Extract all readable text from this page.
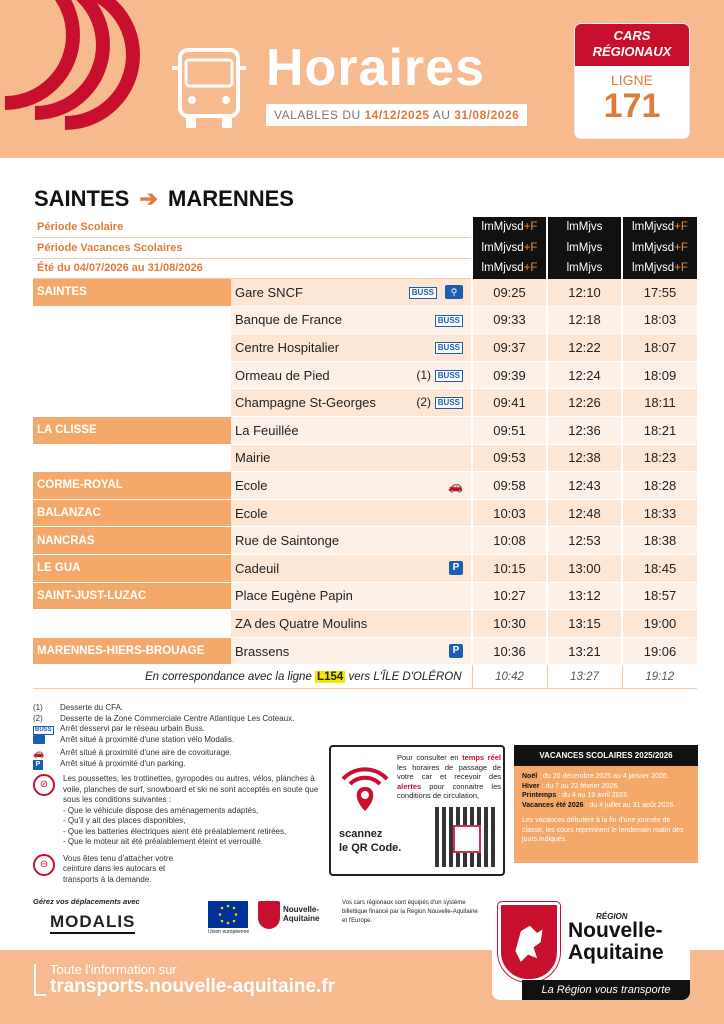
Horaires
VALABLES DU 14/12/2025 AU 31/08/2026
CARS
RÉGIONAUX
LIGNE
171
SAINTES ➔ MARENNES
Période Scolaire		lmMjvsd+F	lmMjvs	lmMjvsd+F
Période Vacances Scolaires		lmMjvsd+F	lmMjvs	lmMjvsd+F
Été du 04/07/2026 au 31/08/2026		lmMjvsd+F	lmMjvs	lmMjvsd+F
SAINTES	Gare SNCF BUSS ⚲	09:25	12:10	17:55
	Banque de France BUSS	09:33	12:18	18:03
	Centre Hospitalier BUSS	09:37	12:22	18:07
	Ormeau de Pied (1) BUSS	09:39	12:24	18:09
	Champagne St-Georges (2) BUSS	09:41	12:26	18:11
LA CLISSE	La Feuillée	09:51	12:36	18:21
	Mairie	09:53	12:38	18:23
CORME-ROYAL	Ecole 🚗	09:58	12:43	18:28
BALANZAC	Ecole	10:03	12:48	18:33
NANCRAS	Rue de Saintonge	10:08	12:53	18:38
LE GUA	Cadeuil P	10:15	13:00	18:45
SAINT-JUST-LUZAC	Place Eugène Papin	10:27	13:12	18:57
	ZA des Quatre Moulins	10:30	13:15	19:00
MARENNES-HIERS-BROUAGE	Brassens P	10:36	13:21	19:06
En correspondance avec la ligne L154 vers L'ÎLE D'OLÉRON		10:42	13:27	19:12
(1)	Desserte du CFA.
(2)	Desserte de la Zone Commerciale Centre Atlantique Les Coteaux.
BUSS	Arrêt desservi par le réseau urbain Buss.
Arrêt situé à proximité d'une station vélo Modalis.
🚗	Arrêt situé à proximité d'une aire de covoiturage.
P	Arrêt situé à proximité d'un parking.
⊘
Les poussettes, les trottinettes, gyropodes ou autres, vélos, planches à voile, planches de surf, snowboard et ski ne sont acceptés en soute que sous les conditions suivantes :
- Que le véhicule dispose des aménagements adaptés,
- Qu'il y ait des places disponibles,
- Que les batteries électriques aient été préalablement retirées,
- Que le moteur ait été préalablement éteint et verrouillé.
⊖
Vous êtes tenu d'attacher votre ceinture dans les autocars et transports à la demande.
Pour consulter en temps réel les horaires de passage de votre car et recevoir des alertes pour connaitre les conditions de circulation,
scannez
le QR Code.
VACANCES SCOLAIRES 2025/2026
Noël : du 20 décembre 2025 au 4 janvier 2026.
Hiver : du 7 au 22 février 2026.
Printemps : du 4 au 19 avril 2026.
Vacances été 2026 : du 4 juillet au 31 août 2026.
Les vacances débutent à la fin d'une journée de classe, les cours reprennent le lendemain matin des jours indiqués.
Gérez vos déplacements avec
MODALIS
Union européenne
Nouvelle-
Aquitaine
Vos cars régionaux sont équipés d'un système billettique financé par la Région Nouvelle-Aquitaine et l'Europe.
Toute l'information sur
transports.nouvelle-aquitaine.fr
RÉGION
Nouvelle-
Aquitaine
La Région vous transporte
